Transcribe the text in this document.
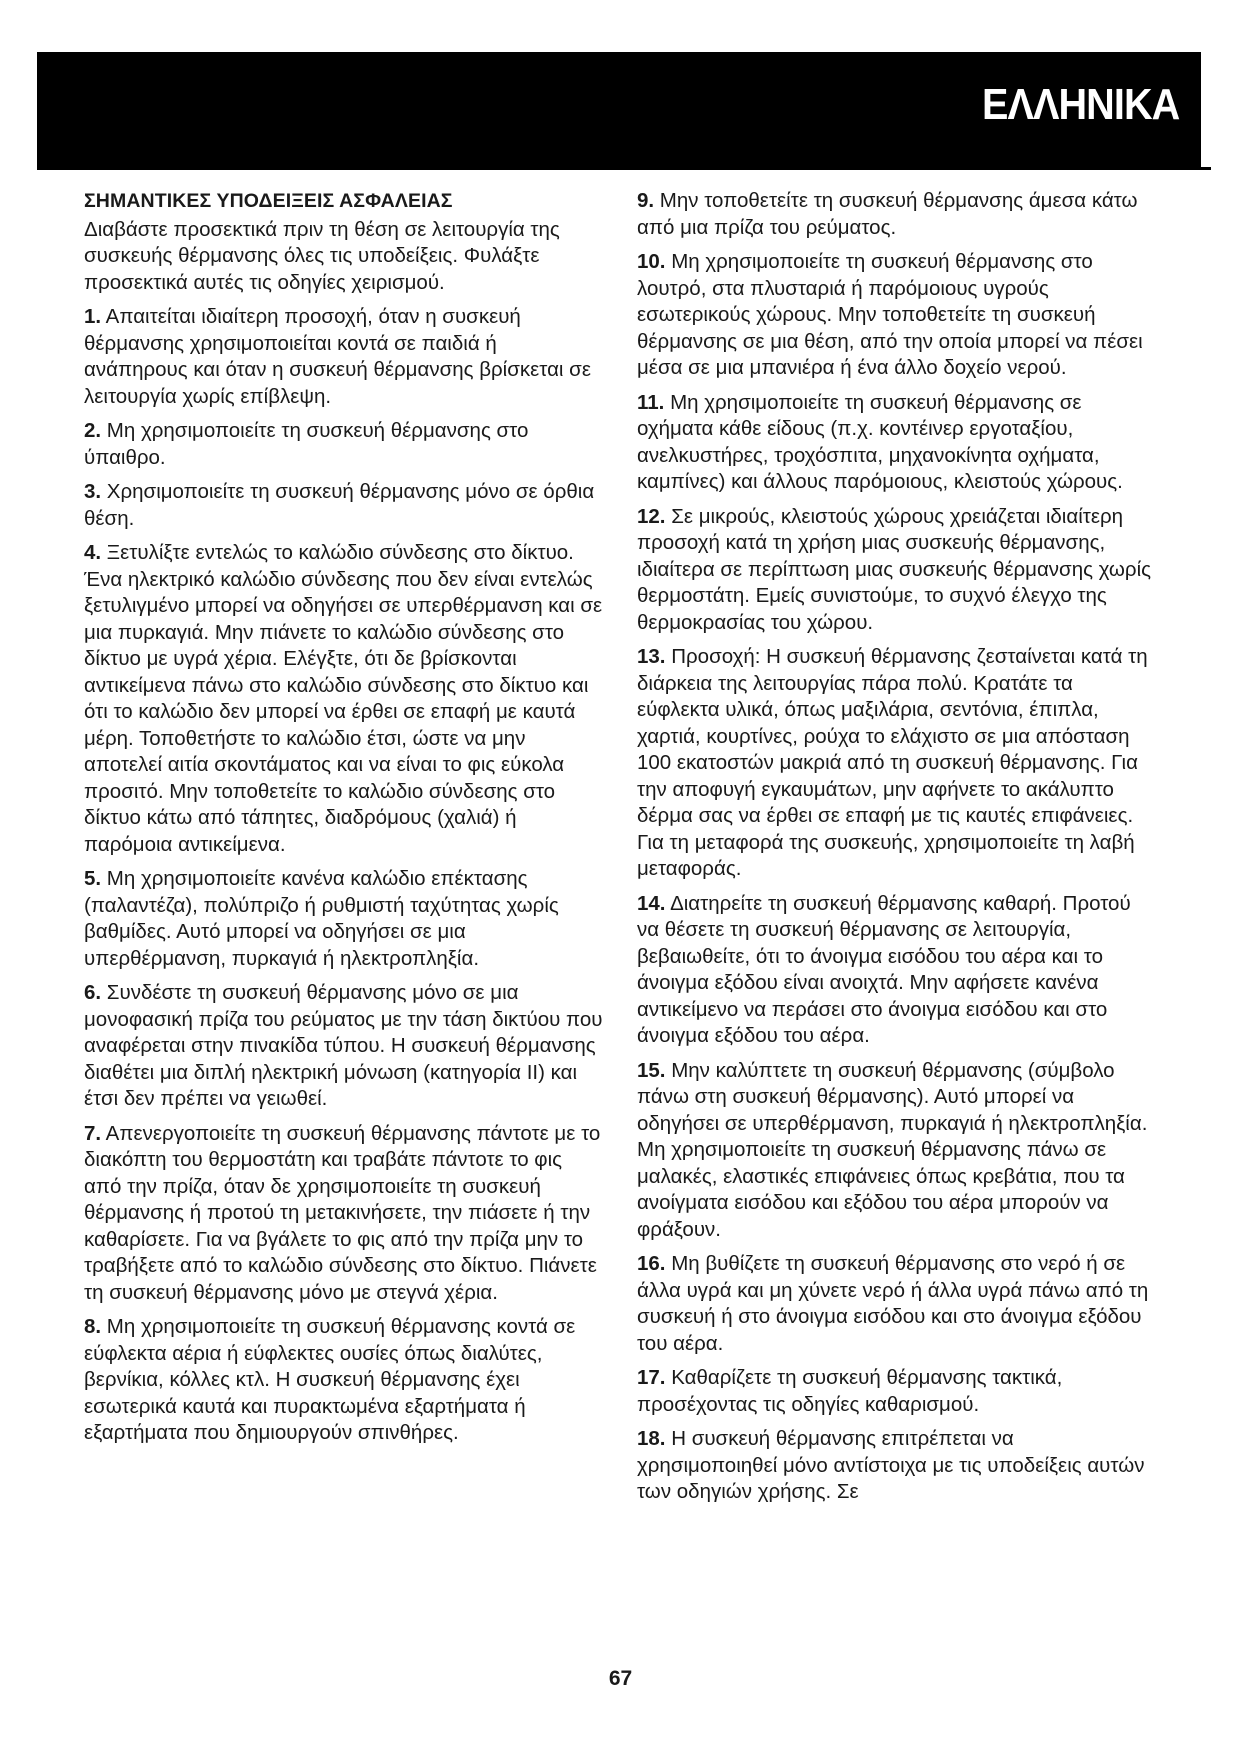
ΕΛΛΗΝΙΚΑ
ΣΗΜΑΝΤΙΚΕΣ ΥΠΟΔΕΙΞΕΙΣ ΑΣΦΑΛΕΙΑΣ
Διαβάστε προσεκτικά πριν τη θέση σε λειτουργία της συσκευής θέρμανσης όλες τις υποδείξεις. Φυλάξτε προσεκτικά αυτές τις οδηγίες χειρισμού.
1. Απαιτείται ιδιαίτερη προσοχή, όταν η συσκευή θέρμανσης χρησιμοποιείται κοντά σε παιδιά ή ανάπηρους και όταν η συσκευή θέρμανσης βρίσκεται σε λειτουργία χωρίς επίβλεψη.
2. Μη χρησιμοποιείτε τη συσκευή θέρμανσης στο ύπαιθρο.
3. Χρησιμοποιείτε τη συσκευή θέρμανσης μόνο σε όρθια θέση.
4. Ξετυλίξτε εντελώς το καλώδιο σύνδεσης στο δίκτυο. Ένα ηλεκτρικό καλώδιο σύνδεσης που δεν είναι εντελώς ξετυλιγμένο μπορεί να οδηγήσει σε υπερθέρμανση και σε μια πυρκαγιά. Μην πιάνετε το καλώδιο σύνδεσης στο δίκτυο με υγρά χέρια. Ελέγξτε, ότι δε βρίσκονται αντικείμενα πάνω στο καλώδιο σύνδεσης στο δίκτυο και ότι το καλώδιο δεν μπορεί να έρθει σε επαφή με καυτά μέρη. Τοποθετήστε το καλώδιο έτσι, ώστε να μην αποτελεί αιτία σκοντάματος και να είναι το φις εύκολα προσιτό. Μην τοποθετείτε το καλώδιο σύνδεσης στο δίκτυο κάτω από τάπητες, διαδρόμους (χαλιά) ή παρόμοια αντικείμενα.
5. Μη χρησιμοποιείτε κανένα καλώδιο επέκτασης (παλαντέζα), πολύπριζο ή ρυθμιστή ταχύτητας χωρίς βαθμίδες. Αυτό μπορεί να οδηγήσει σε μια υπερθέρμανση, πυρκαγιά ή ηλεκτροπληξία.
6. Συνδέστε τη συσκευή θέρμανσης μόνο σε μια μονοφασική πρίζα του ρεύματος με την τάση δικτύου που αναφέρεται στην πινακίδα τύπου. Η συσκευή θέρμανσης διαθέτει μια διπλή ηλεκτρική μόνωση (κατηγορία II) και έτσι δεν πρέπει να γειωθεί.
7. Απενεργοποιείτε τη συσκευή θέρμανσης πάντοτε με το διακόπτη του θερμοστάτη και τραβάτε πάντοτε το φις από την πρίζα, όταν δε χρησιμοποιείτε τη συσκευή θέρμανσης ή προτού τη μετακινήσετε, την πιάσετε ή την καθαρίσετε. Για να βγάλετε το φις από την πρίζα μην το τραβήξετε από το καλώδιο σύνδεσης στο δίκτυο. Πιάνετε τη συσκευή θέρμανσης μόνο με στεγνά χέρια.
8. Μη χρησιμοποιείτε τη συσκευή θέρμανσης κοντά σε εύφλεκτα αέρια ή εύφλεκτες ουσίες όπως διαλύτες, βερνίκια, κόλλες κτλ. Η συσκευή θέρμανσης έχει εσωτερικά καυτά και πυρακτωμένα εξαρτήματα ή εξαρτήματα που δημιουργούν σπινθήρες.
9. Μην τοποθετείτε τη συσκευή θέρμανσης άμεσα κάτω από μια πρίζα του ρεύματος.
10. Μη χρησιμοποιείτε τη συσκευή θέρμανσης στο λουτρό, στα πλυσταριά ή παρόμοιους υγρούς εσωτερικούς χώρους. Μην τοποθετείτε τη συσκευή θέρμανσης σε μια θέση, από την οποία μπορεί να πέσει μέσα σε μια μπανιέρα ή ένα άλλο δοχείο νερού.
11. Μη χρησιμοποιείτε τη συσκευή θέρμανσης σε οχήματα κάθε είδους (π.χ. κοντέινερ εργοταξίου, ανελκυστήρες, τροχόσπιτα, μηχανοκίνητα οχήματα, καμπίνες) και άλλους παρόμοιους, κλειστούς χώρους.
12. Σε μικρούς, κλειστούς χώρους χρειάζεται ιδιαίτερη προσοχή κατά τη χρήση μιας συσκευής θέρμανσης, ιδιαίτερα σε περίπτωση μιας συσκευής θέρμανσης χωρίς θερμοστάτη. Εμείς συνιστούμε, το συχνό έλεγχο της θερμοκρασίας του χώρου.
13. Προσοχή: Η συσκευή θέρμανσης ζεσταίνεται κατά τη διάρκεια της λειτουργίας πάρα πολύ. Κρατάτε τα εύφλεκτα υλικά, όπως μαξιλάρια, σεντόνια, έπιπλα, χαρτιά, κουρτίνες, ρούχα το ελάχιστο σε μια απόσταση 100 εκατοστών μακριά από τη συσκευή θέρμανσης. Για την αποφυγή εγκαυμάτων, μην αφήνετε το ακάλυπτο δέρμα σας να έρθει σε επαφή με τις καυτές επιφάνειες. Για τη μεταφορά της συσκευής, χρησιμοποιείτε τη λαβή μεταφοράς.
14. Διατηρείτε τη συσκευή θέρμανσης καθαρή. Προτού να θέσετε τη συσκευή θέρμανσης σε λειτουργία, βεβαιωθείτε, ότι το άνοιγμα εισόδου του αέρα και το άνοιγμα εξόδου είναι ανοιχτά. Μην αφήσετε κανένα αντικείμενο να περάσει στο άνοιγμα εισόδου και στο άνοιγμα εξόδου του αέρα.
15. Μην καλύπτετε τη συσκευή θέρμανσης (σύμβολο πάνω στη συσκευή θέρμανσης). Αυτό μπορεί να οδηγήσει σε υπερθέρμανση, πυρκαγιά ή ηλεκτροπληξία. Μη χρησιμοποιείτε τη συσκευή θέρμανσης πάνω σε μαλακές, ελαστικές επιφάνειες όπως κρεβάτια, που τα ανοίγματα εισόδου και εξόδου του αέρα μπορούν να φράξουν.
16. Μη βυθίζετε τη συσκευή θέρμανσης στο νερό ή σε άλλα υγρά και μη χύνετε νερό ή άλλα υγρά πάνω από τη συσκευή ή στο άνοιγμα εισόδου και στο άνοιγμα εξόδου του αέρα.
17. Καθαρίζετε τη συσκευή θέρμανσης τακτικά, προσέχοντας τις οδηγίες καθαρισμού.
18. Η συσκευή θέρμανσης επιτρέπεται να χρησιμοποιηθεί μόνο αντίστοιχα με τις υποδείξεις αυτών των οδηγιών χρήσης. Σε
67
